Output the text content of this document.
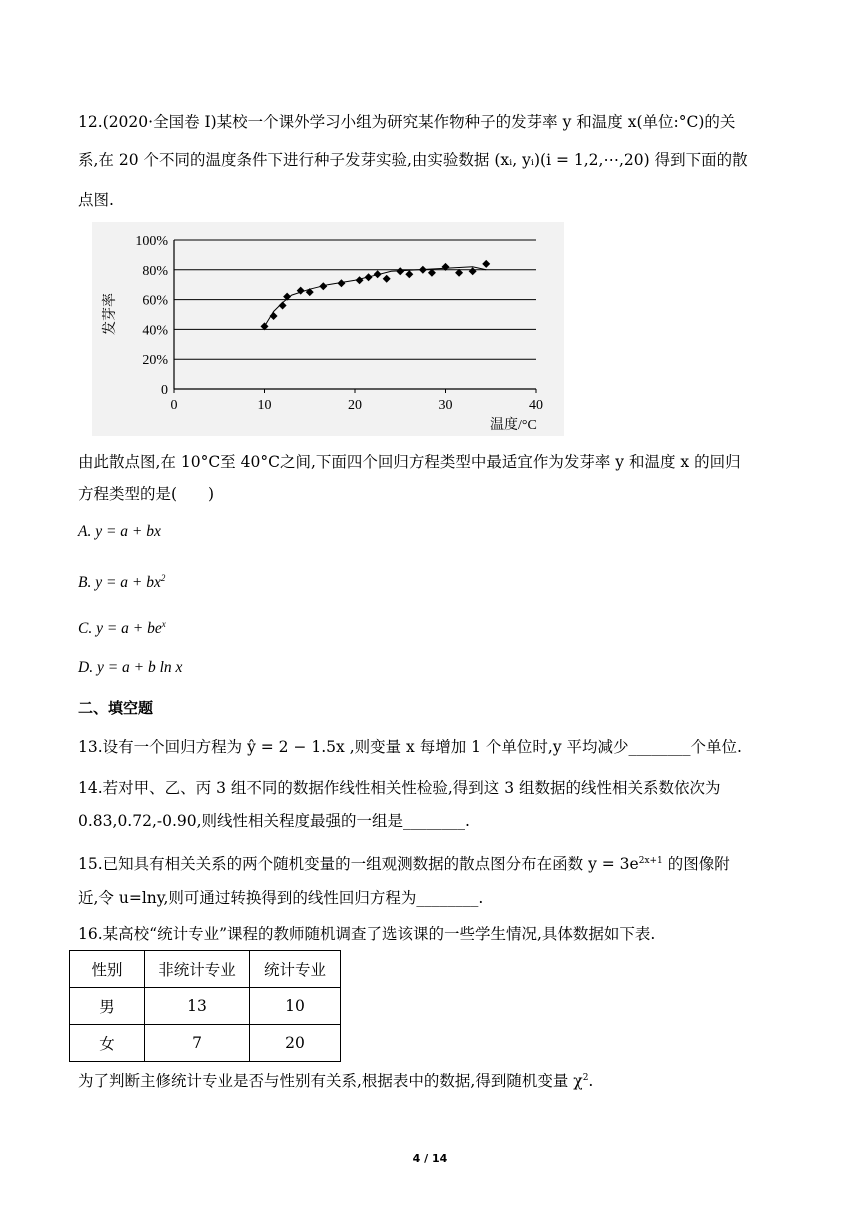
12.(2020·全国卷 I)某校一个课外学习小组为研究某作物种子的发芽率 y 和温度 x(单位:°C)的关
系,在 20 个不同的温度条件下进行种子发芽实验,由实验数据 (xᵢ, yᵢ)(i = 1,2,⋯,20) 得到下面的散
点图.
0
20%
40%
60%
80%
100%
0	10	20	30	40
温度/°C
发芽率
由此散点图,在 10°C至 40°C之间,下面四个回归方程类型中最适宜作为发芽率 y 和温度 x 的回归
方程类型的是(　　)
A. y = a + bx
B. $y = a + bx^2$
C. $y = a + be^x$
D. y = a + b ln x
二、填空题
13.设有一个回归方程为 ŷ = 2 − 1.5x ,则变量 x 每增加 1 个单位时,y 平均减少________个单位.
14.若对甲、乙、丙 3 组不同的数据作线性相关性检验,得到这 3 组数据的线性相关系数依次为
0.83,0.72,-0.90,则线性相关程度最强的一组是________.
15.已知具有相关关系的两个随机变量的一组观测数据的散点图分布在函数 $y = 3e^{2x+1}$ 的图像附
近,令 u=lny,则可通过转换得到的线性回归方程为________.
16.某高校“统计专业”课程的教师随机调查了选该课的一些学生情况,具体数据如下表.
性别	非统计专业	统计专业
男	13	10
女	7	20
为了判断主修统计专业是否与性别有关系,根据表中的数据,得到随机变量 $\chi^2$.
4 / 14
